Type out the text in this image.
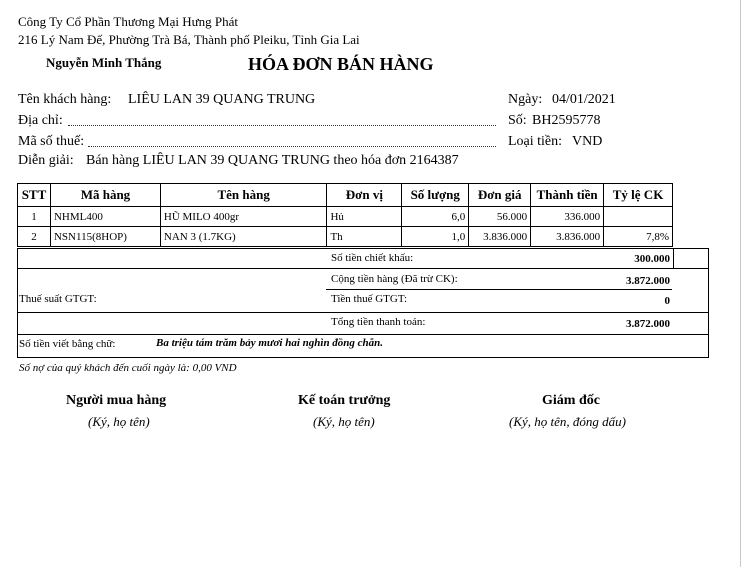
Công Ty Cổ Phần Thương Mại Hưng Phát
216 Lý Nam Đế, Phường Trà Bá, Thành phố Pleiku, Tỉnh Gia Lai
Nguyễn Minh Thắng	HÓA ĐƠN BÁN HÀNG
Tên khách hàng: LIÊU LAN 39 QUANG TRUNG
Địa chỉ:
Mã số thuế:
Diễn giải: Bán hàng LIÊU LAN 39 QUANG TRUNG theo hóa đơn 2164387
Ngày: 04/01/2021
Số: BH2595778
Loại tiền: VND
STT	Mã hàng	Tên hàng	Đơn vị	Số lượng	Đơn giá	Thành tiền	Tỷ lệ CK
1	NHML400	HŨ MILO 400gr	Hủ	6,0	56.000	336.000	
2	NSN115(8HOP)	NAN 3 (1.7KG)	Th	1,0	3.836.000	3.836.000	7,8%
Số tiền chiết khấu:	300.000
Cộng tiền hàng (Đã trừ CK):	3.872.000
Thuế suất GTGT:	Tiền thuế GTGT:	0
Tổng tiền thanh toán:	3.872.000
Số tiền viết bằng chữ:	Ba triệu tám trăm bảy mươi hai nghìn đồng chẵn.
Số nợ của quý khách đến cuối ngày là: 0,00 VND
Người mua hàng
(Ký, họ tên)
Kế toán trưởng
(Ký, họ tên)
Giám đốc
(Ký, họ tên, đóng dấu)
